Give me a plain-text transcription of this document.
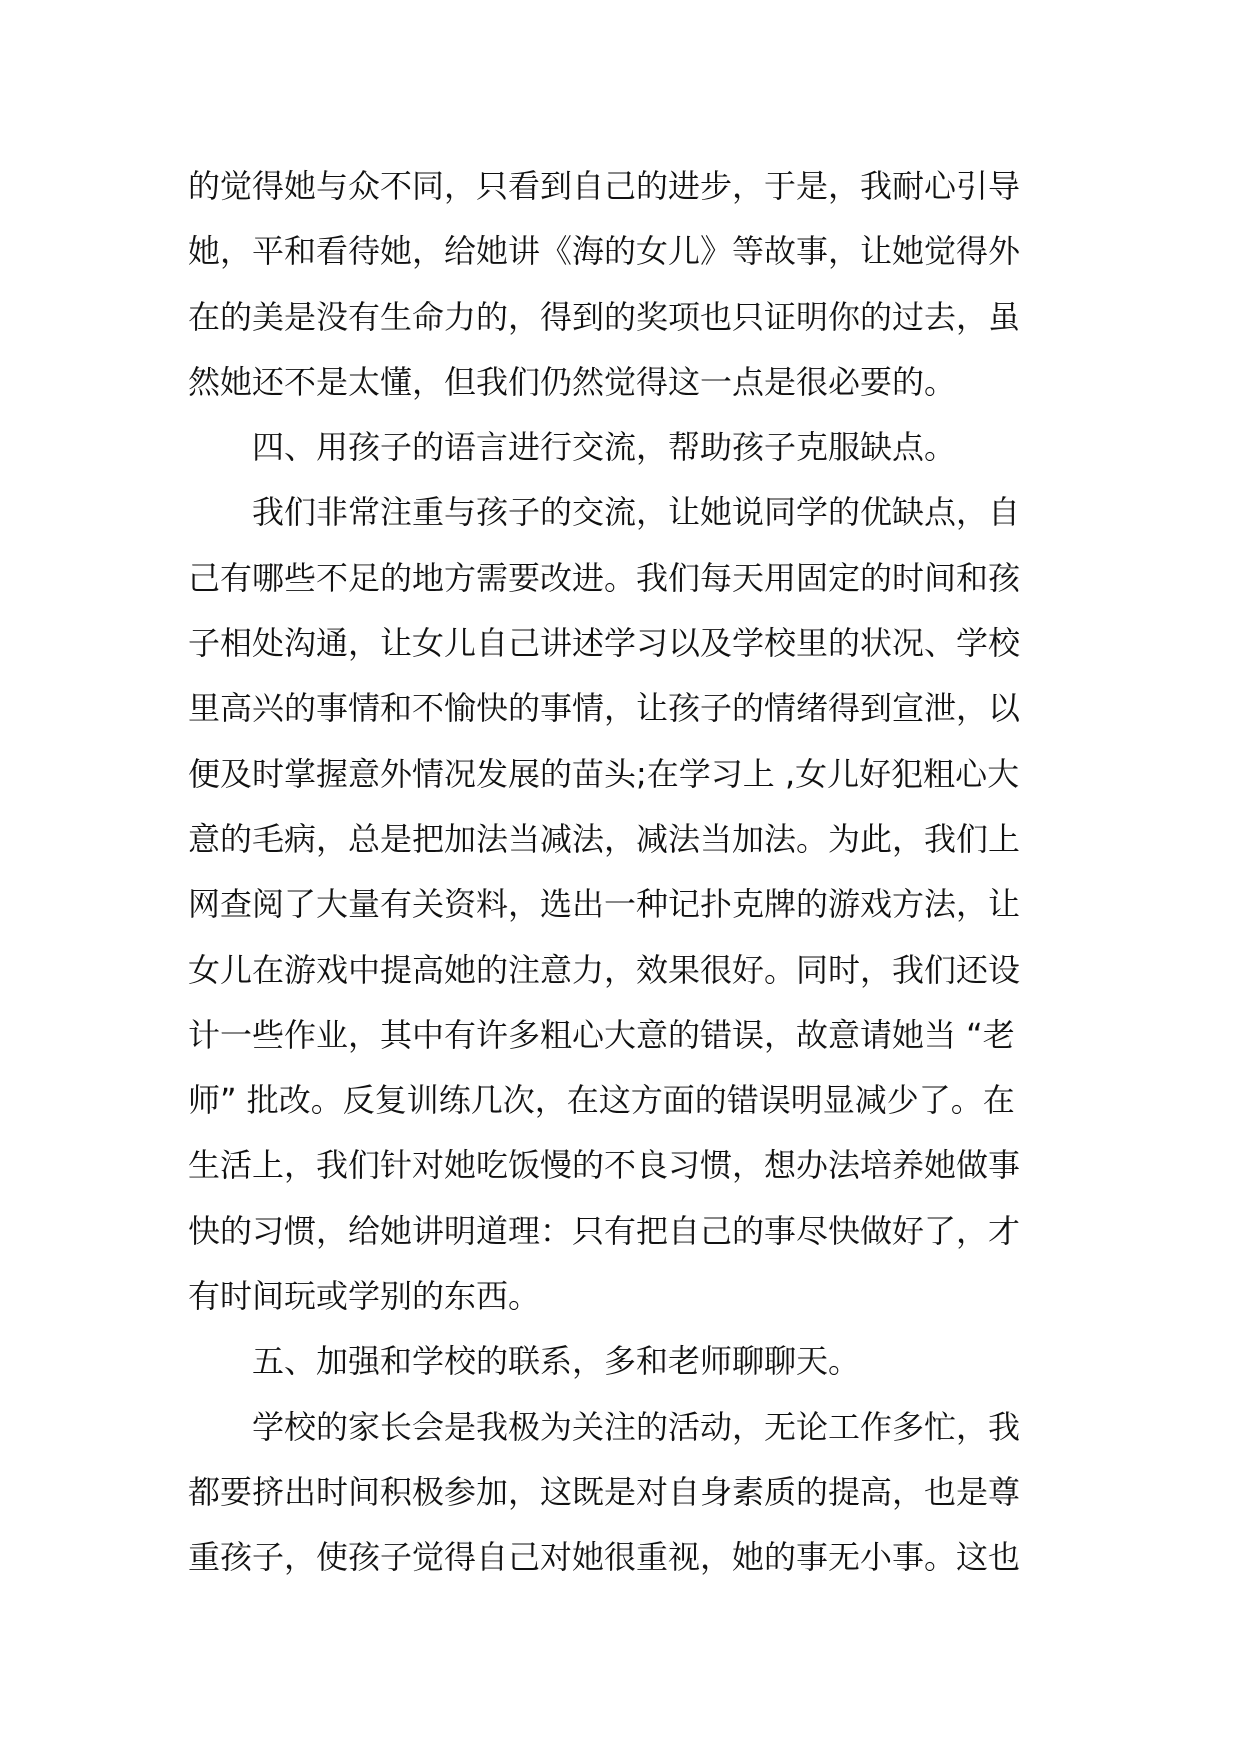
的觉得她与众不同，只看到自己的进步，于是，我耐心引导
她，平和看待她，给她讲《海的女儿》等故事，让她觉得外
在的美是没有生命力的，得到的奖项也只证明你的过去，虽
然她还不是太懂，但我们仍然觉得这一点是很必要的。
四、用孩子的语言进行交流，帮助孩子克服缺点。
我们非常注重与孩子的交流，让她说同学的优缺点，自
己有哪些不足的地方需要改进。我们每天用固定的时间和孩
子相处沟通，让女儿自己讲述学习以及学校里的状况、学校
里高兴的事情和不愉快的事情，让孩子的情绪得到宣泄，以
便及时掌握意外情况发展的苗头;在学习上 ,女儿好犯粗心大
意的毛病，总是把加法当减法，减法当加法。为此，我们上
网查阅了大量有关资料，选出一种记扑克牌的游戏方法，让
女儿在游戏中提高她的注意力，效果很好。同时，我们还设
计一些作业，其中有许多粗心大意的错误，故意请她当 “老
师” 批改。反复训练几次，在这方面的错误明显减少了。在
生活上，我们针对她吃饭慢的不良习惯，想办法培养她做事
快的习惯，给她讲明道理：只有把自己的事尽快做好了，才
有时间玩或学别的东西。
五、加强和学校的联系，多和老师聊聊天。
学校的家长会是我极为关注的活动，无论工作多忙，我
都要挤出时间积极参加，这既是对自身素质的提高，也是尊
重孩子，使孩子觉得自己对她很重视，她的事无小事。这也
